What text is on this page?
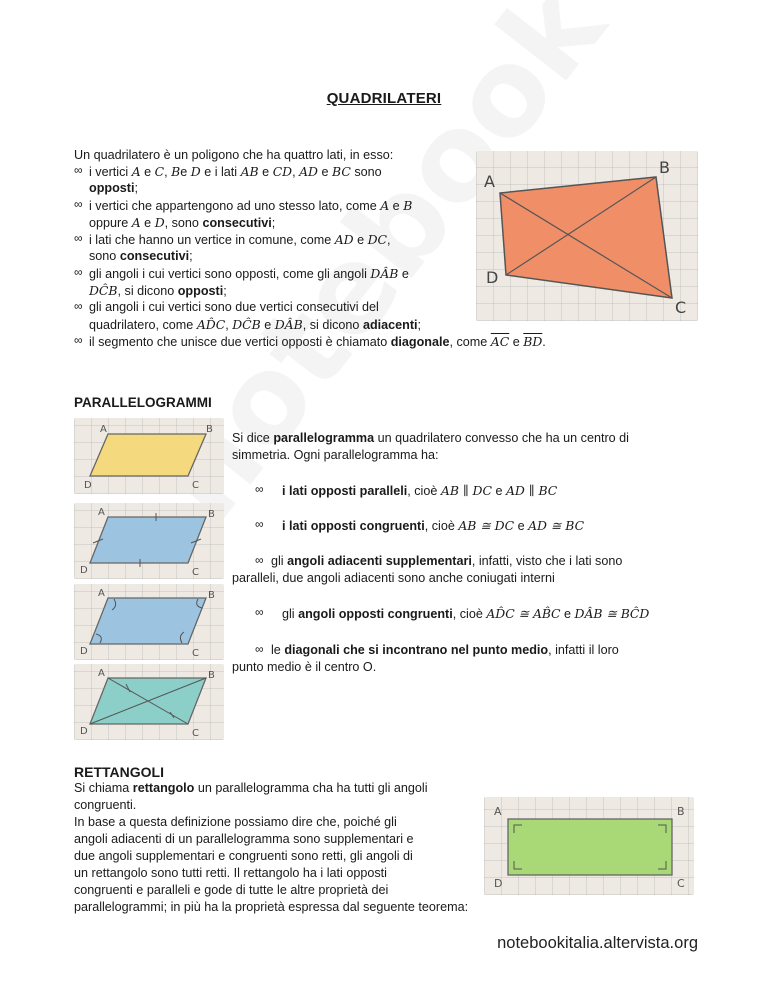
QUADRILATERI
Un quadrilatero è un poligono che ha quattro lati, in esso:
∞ i vertici A e C, Be D e i lati AB e CD, AD e BC sono
opposti;
∞ i vertici che appartengono ad uno stesso lato, come A e B
oppure A e D, sono consecutivi;
∞ i lati che hanno un vertice in comune, come AD e DC,
sono consecutivi;
∞ gli angoli i cui vertici sono opposti, come gli angoli DÂB e
DĈB, si dicono opposti;
∞ gli angoli i cui vertici sono due vertici consecutivi del
quadrilatero, come AD̂C, DĈB e DÂB, si dicono adiacenti;
∞ il segmento che unisce due vertici opposti è chiamato diagonale, come $\overline{AC}$ e $\overline{BD}$.
A
B
C
D
PARALLELOGRAMMI
Si dice parallelogramma un quadrilatero convesso che ha un centro di
simmetria. Ogni parallelogramma ha:
∞ i lati opposti paralleli, cioè AB ∥ DC e AD ∥ BC
∞ i lati opposti congruenti, cioè AB ≅ DC e AD ≅ BC
∞ gli angoli adiacenti supplementari, infatti, visto che i lati sono
paralleli, due angoli adiacenti sono anche coniugati interni
∞ gli angoli opposti congruenti, cioè AD̂C ≅ AB̂C e DÂB ≅ BĈD
∞ le diagonali che si incontrano nel punto medio, infatti il loro
punto medio è il centro O.
A	B
C
D
A	B
C
D
A	B
C
D
A	B
C
D
RETTANGOLI
Si chiama rettangolo un parallelogramma cha ha tutti gli angoli
congruenti.
In base a questa definizione possiamo dire che, poiché gli
angoli adiacenti di un parallelogramma sono supplementari e
due angoli supplementari e congruenti sono retti, gli angoli di
un rettangolo sono tutti retti. Il rettangolo ha i lati opposti
congruenti e paralleli e gode di tutte le altre proprietà dei
parallelogrammi; in più ha la proprietà espressa dal seguente teorema:
A	B
C
D
notebookitalia.altervista.org
